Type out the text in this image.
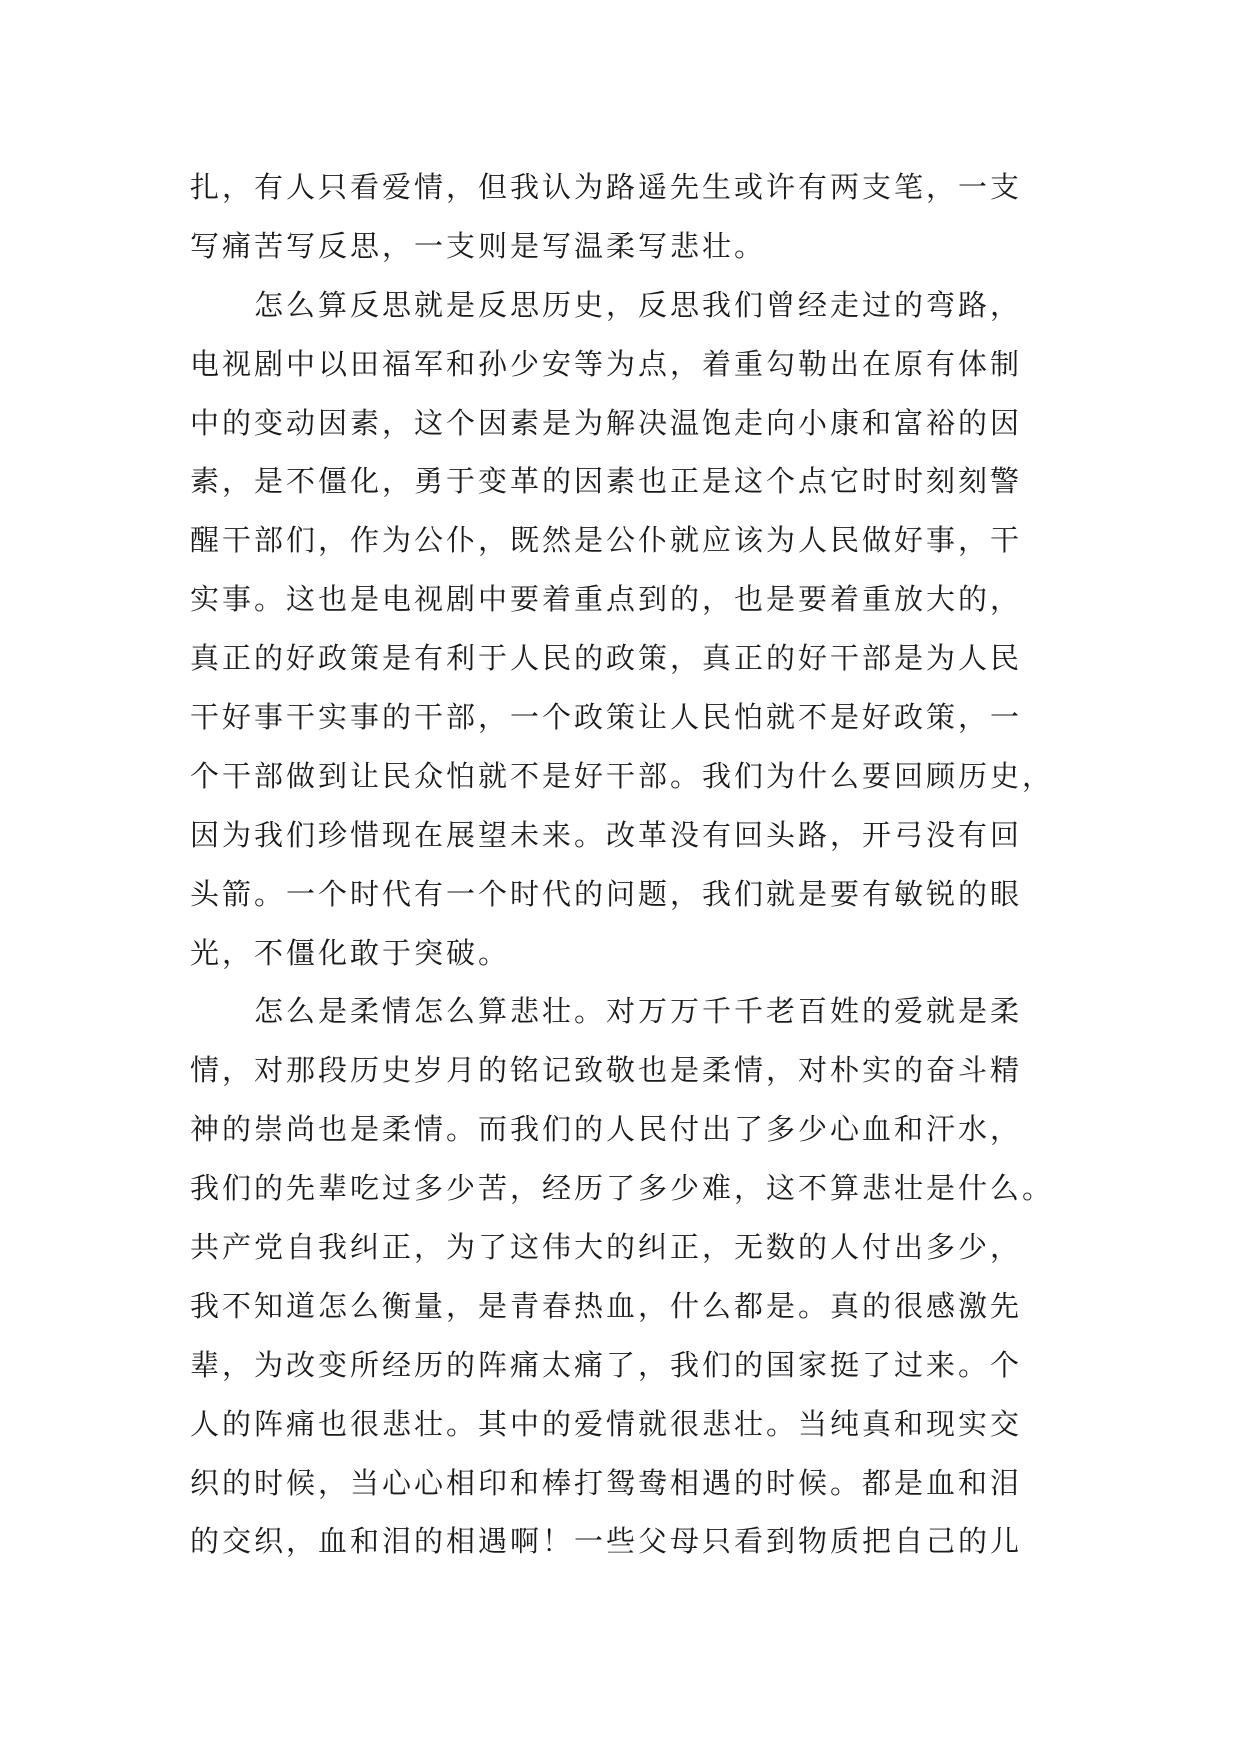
扎，有人只看爱情，但我认为路遥先生或许有两支笔，一支
写痛苦写反思，一支则是写温柔写悲壮。
　　怎么算反思就是反思历史，反思我们曾经走过的弯路，
电视剧中以田福军和孙少安等为点，着重勾勒出在原有体制
中的变动因素，这个因素是为解决温饱走向小康和富裕的因
素，是不僵化，勇于变革的因素也正是这个点它时时刻刻警
醒干部们，作为公仆，既然是公仆就应该为人民做好事，干
实事。这也是电视剧中要着重点到的，也是要着重放大的，
真正的好政策是有利于人民的政策，真正的好干部是为人民
干好事干实事的干部，一个政策让人民怕就不是好政策，一
个干部做到让民众怕就不是好干部。我们为什么要回顾历史，
因为我们珍惜现在展望未来。改革没有回头路，开弓没有回
头箭。一个时代有一个时代的问题，我们就是要有敏锐的眼
光，不僵化敢于突破。
　　怎么是柔情怎么算悲壮。对万万千千老百姓的爱就是柔
情，对那段历史岁月的铭记致敬也是柔情，对朴实的奋斗精
神的崇尚也是柔情。而我们的人民付出了多少心血和汗水，
我们的先辈吃过多少苦，经历了多少难，这不算悲壮是什么。
共产党自我纠正，为了这伟大的纠正，无数的人付出多少，
我不知道怎么衡量，是青春热血，什么都是。真的很感激先
辈，为改变所经历的阵痛太痛了，我们的国家挺了过来。个
人的阵痛也很悲壮。其中的爱情就很悲壮。当纯真和现实交
织的时候，当心心相印和棒打鸳鸯相遇的时候。都是血和泪
的交织，血和泪的相遇啊！一些父母只看到物质把自己的儿
